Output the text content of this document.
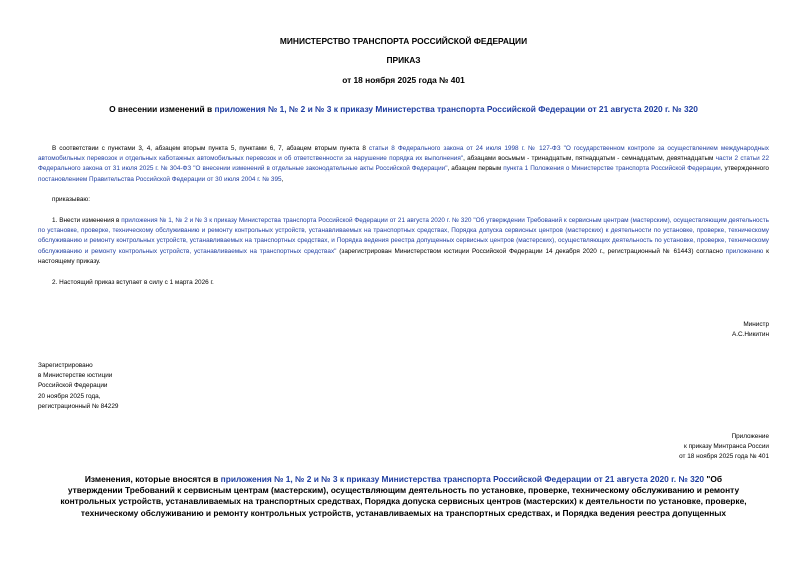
МИНИСТЕРСТВО ТРАНСПОРТА РОССИЙСКОЙ ФЕДЕРАЦИИ
ПРИКАЗ
от 18 ноября 2025 года № 401
О внесении изменений в приложения № 1, № 2 и № 3 к приказу Министерства транспорта Российской Федерации от 21 августа 2020 г. № 320
В соответствии с пунктами 3, 4, абзацем вторым пункта 5, пунктами 6, 7, абзацем вторым пункта 8 статьи 8 Федерального закона от 24 июля 1998 г. № 127-ФЗ "О государственном контроле за осуществлением международных автомобильных перевозок и отдельных каботажных автомобильных перевозок и об ответственности за нарушение порядка их выполнения", абзацами восьмым - тринадцатым, пятнадцатым - семнадцатым, девятнадцатым части 2 статьи 22 Федерального закона от 31 июля 2025 г. № 304-ФЗ "О внесении изменений в отдельные законодательные акты Российской Федерации", абзацем первым пункта 1 Положения о Министерстве транспорта Российской Федерации, утвержденного постановлением Правительства Российской Федерации от 30 июля 2004 г. № 395,
приказываю:
1. Внести изменения в приложения № 1, № 2 и № 3 к приказу Министерства транспорта Российской Федерации от 21 августа 2020 г. № 320 "Об утверждении Требований к сервисным центрам (мастерским), осуществляющим деятельность по установке, проверке, техническому обслуживанию и ремонту контрольных устройств, устанавливаемых на транспортных средствах, Порядка допуска сервисных центров (мастерских) к деятельности по установке, проверке, техническому обслуживанию и ремонту контрольных устройств, устанавливаемых на транспортных средствах, и Порядка ведения реестра допущенных сервисных центров (мастерских), осуществляющих деятельность по установке, проверке, техническому обслуживанию и ремонту контрольных устройств, устанавливаемых на транспортных средствах" (зарегистрирован Министерством юстиции Российской Федерации 14 декабря 2020 г., регистрационный № 61443) согласно приложению к настоящему приказу.
2. Настоящий приказ вступает в силу с 1 марта 2026 г.
Министр
А.С.Никитин
Зарегистрировано
в Министерстве юстиции
Российской Федерации
20 ноября 2025 года,
регистрационный № 84229
Приложение
к приказу Минтранса России
от 18 ноября 2025 года № 401
Изменения, которые вносятся в приложения № 1, № 2 и № 3 к приказу Министерства транспорта Российской Федерации от 21 августа 2020 г. № 320 "Об утверждении Требований к сервисным центрам (мастерским), осуществляющим деятельность по установке, проверке, техническому обслуживанию и ремонту контрольных устройств, устанавливаемых на транспортных средствах, Порядка допуска сервисных центров (мастерских) к деятельности по установке, проверке, техническому обслуживанию и ремонту контрольных устройств, устанавливаемых на транспортных средствах, и Порядка ведения реестра допущенных
